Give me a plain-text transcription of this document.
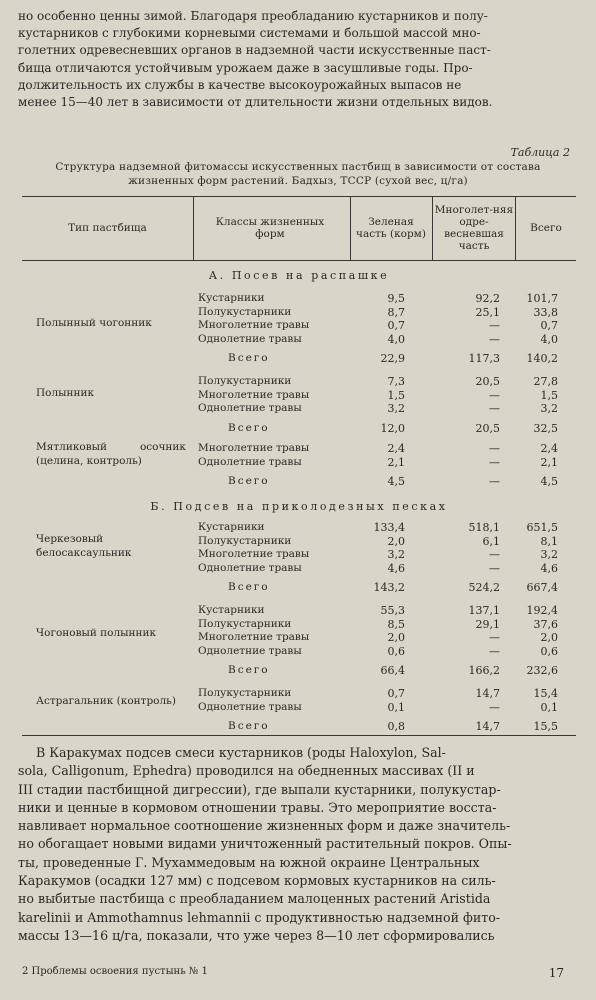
но особенно ценны зимой. Благодаря преобладанию кустарников и полу-
кустарников с глубокими корневыми системами и большой массой мно-
голетних одревесневших органов в надземной части искусственные паст-
бища отличаются устойчивым урожаем даже в засушливые годы. Про-
должительность их службы в качестве высокоурожайных выпасов не
менее 15—40 лет в зависимости от длительности жизни отдельных видов.
Таблица 2
Структура надземной фитомассы искусственных пастбищ в зависимости от состава
жизненных форм растений. Бадхыз, ТССР (сухой вес, ц/га)
Тип пастбища	Классы жизненных форм
Зеленая часть (корм)
Многолет-няя одре-весневшая часть
Всего
А. Посев на распашке
Полынный чогонник
Кустарники
Полукустарники
Многолетние травы
Однолетние травы
Всего
9,5
8,7
0,7
4,0
22,9
92,2
25,1
—
—
117,3
101,7
33,8
0,7
4,0
140,2
Полынник
Полукустарники
Многолетние травы
Однолетние травы
Всего
7,3
1,5
3,2
12,0
20,5
—
—
20,5
27,8
1,5
3,2
32,5
Мятликовый осочник (целина, контроль)
Многолетние травы
Однолетние травы
Всего
2,4
2,1
4,5
—
—
—
2,4
2,1
4,5
Б. Подсев на приколодезных песках
Черкезовый белосаксаульник
Кустарники
Полукустарники
Многолетние травы
Однолетние травы
Всего
133,4
2,0
3,2
4,6
143,2
518,1
6,1
—
—
524,2
651,5
8,1
3,2
4,6
667,4
Чогоновый полынник
Кустарники
Полукустарники
Многолетние травы
Однолетние травы
Всего
55,3
8,5
2,0
0,6
66,4
137,1
29,1
—
—
166,2
192,4
37,6
2,0
0,6
232,6
Астрагальник (контроль)
Полукустарники
Однолетние травы
Всего
0,7
0,1
0,8
14,7
—
14,7
15,4
0,1
15,5
В Каракумах подсев смеси кустарников (роды Haloxylon, Sal-
sola, Calligonum, Ephedra) проводился на обедненных массивах (II и
III стадии пастбищной дигрессии), где выпали кустарники, полукустар-
ники и ценные в кормовом отношении травы. Это мероприятие восста-
навливает нормальное соотношение жизненных форм и даже значитель-
но обогащает новыми видами уничтоженный растительный покров. Опы-
ты, проведенные Г. Мухаммедовым на южной окраине Центральных
Каракумов (осадки 127 мм) с подсевом кормовых кустарников на силь-
но выбитые пастбища с преобладанием малоценных растений Aristida
karelinii и Ammothamnus lehmannii с продуктивностью надземной фито-
массы 13—16 ц/га, показали, что уже через 8—10 лет сформировались
2 Проблемы освоения пустынь № 1	17
